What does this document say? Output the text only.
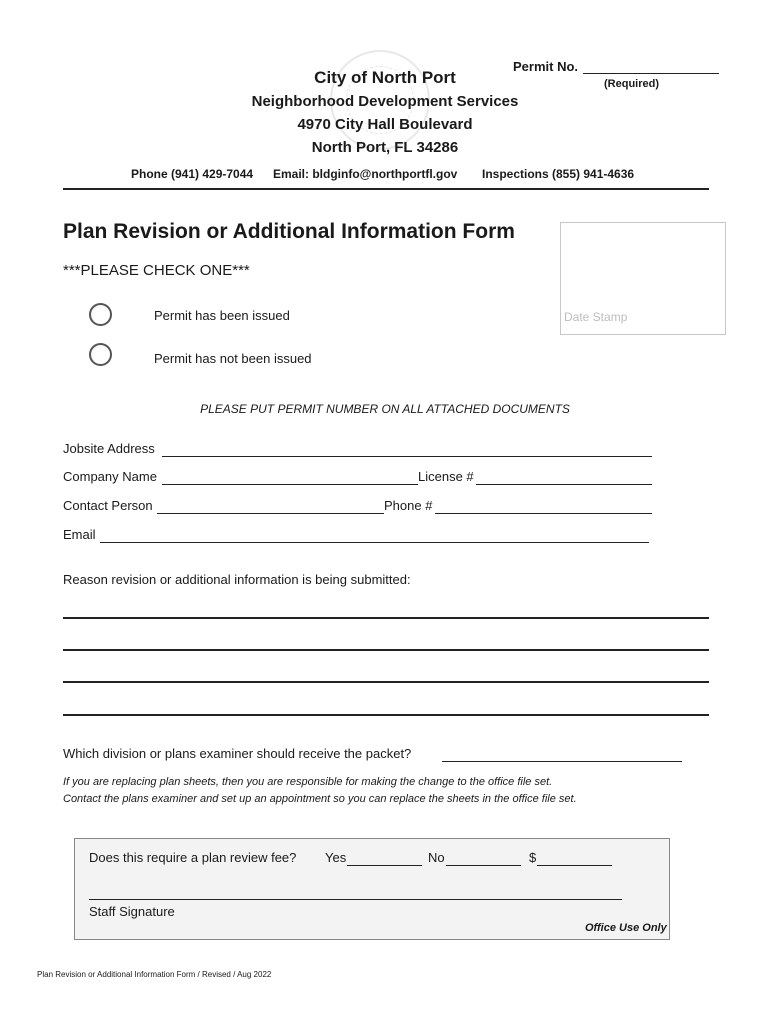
City of North Port
Neighborhood Development Services
4970 City Hall Boulevard
North Port, FL 34286
Permit No.
(Required)
Phone (941) 429-7044 Email: bldginfo@northportfl.gov Inspections (855) 941-4636
Plan Revision or Additional Information Form
***PLEASE CHECK ONE***
Permit has been issued
Permit has not been issued
Date Stamp
PLEASE PUT PERMIT NUMBER ON ALL ATTACHED DOCUMENTS
Jobsite Address
Company Name	License #
Contact Person	Phone #
Email
Reason revision or additional information is being submitted:
Which division or plans examiner should receive the packet?
If you are replacing plan sheets, then you are responsible for making the change to the office file set.
Contact the plans examiner and set up an appointment so you can replace the sheets in the office file set.
Does this require a plan review fee? Yes	No	$
Staff Signature
Office Use Only
Plan Revision or Additional Information Form / Revised / Aug 2022
